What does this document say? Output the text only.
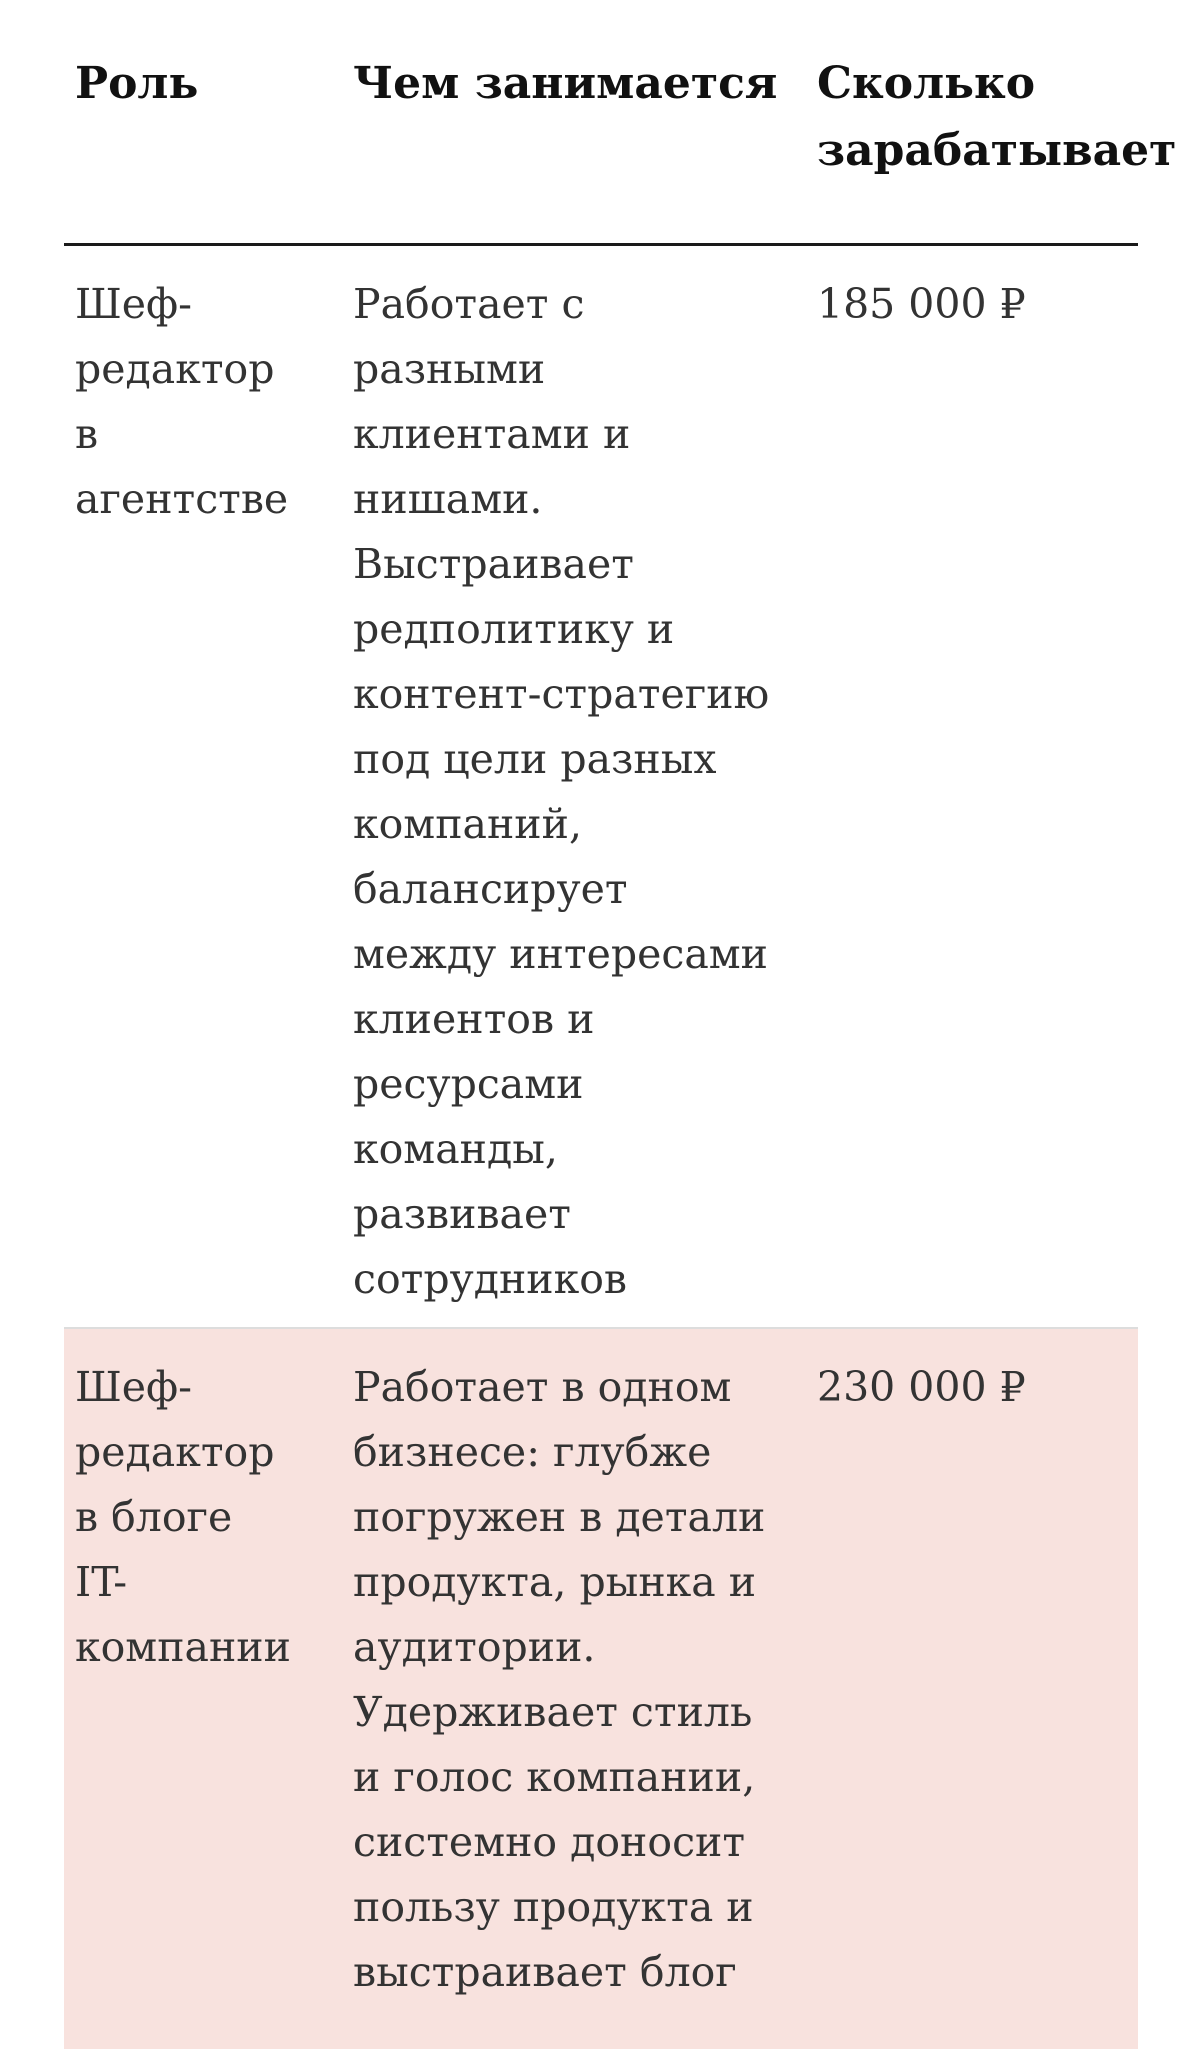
Роль	Чем занимается Сколько
зарабатывает
Шеф-
редактор
в
агентстве
Работает с
разными
клиентами и
нишами.
Выстраивает
редполитику и
контент-стратегию
под цели разных
компаний,
балансирует
между интересами
клиентов и
ресурсами
команды,
развивает
сотрудников
185 000 ₽
Шеф-
редактор
в блоге
IT-
компании
Работает в одном
бизнесе: глубже
погружен в детали
продукта, рынка и
аудитории.
Удерживает стиль
и голос компании,
системно доносит
пользу продукта и
выстраивает блог
230 000 ₽
